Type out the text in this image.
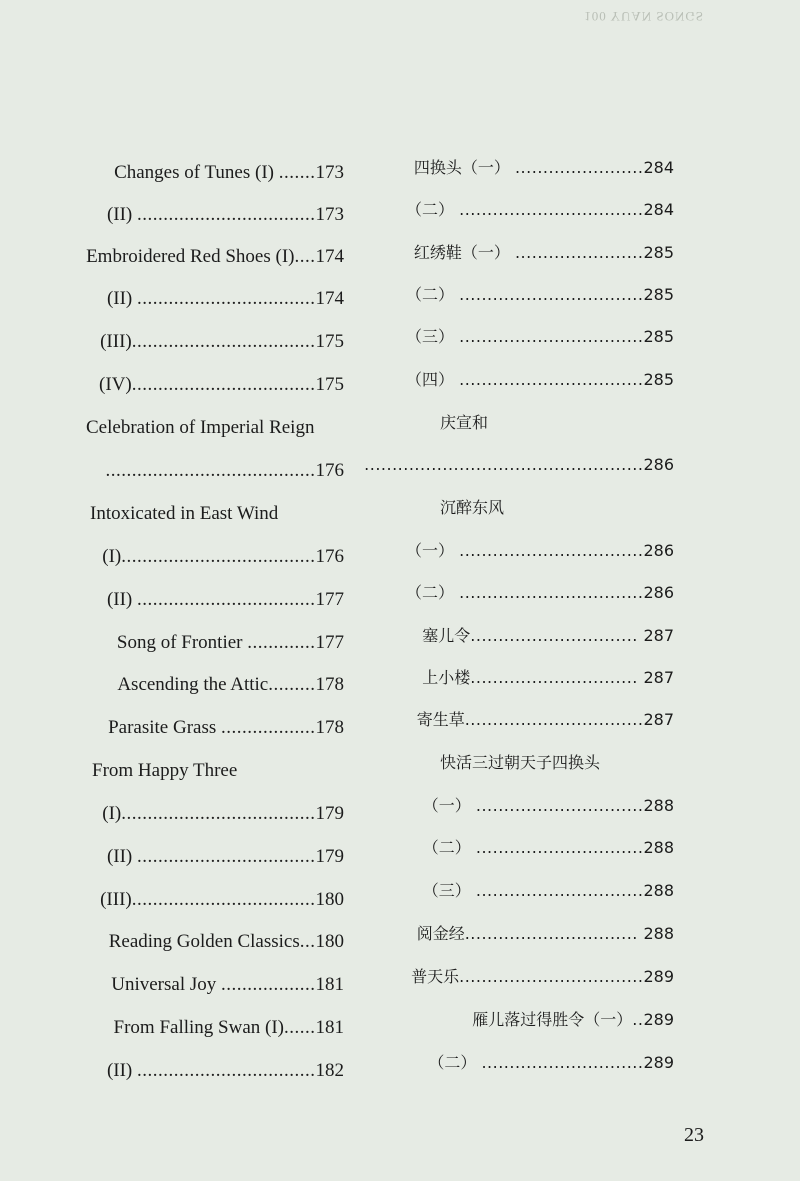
100 YUAN SONGS
Changes of Tunes (I) .......173
(II) ..................................173
Embroidered Red Shoes (I)....174
(II) ..................................174
(III)...................................175
(IV)...................................175
Celebration of Imperial Reign
........................................176
Intoxicated in East Wind
(I).....................................176
(II) ..................................177
Song of Frontier .............177
Ascending the Attic.........178
Parasite Grass ..................178
From Happy Three
(I).....................................179
(II) ..................................179
(III)...................................180
Reading Golden Classics...180
Universal Joy ..................181
From Falling Swan (I)......181
(II) ..................................182
四换头（一） .......................284
（二） .................................284
红绣鞋（一） .......................285
（二） .................................285
（三） .................................285
（四） .................................285
庆宣和
..................................................286
沉醉东风
（一） .................................286
（二） .................................286
塞儿令.............................. 287
上小楼.............................. 287
寄生草................................287
快活三过朝天子四换头
（一） ..............................288
（二） ..............................288
（三） ..............................288
阅金经............................... 288
普天乐.................................289
雁儿落过得胜令（一）..289
（二） .............................289
23
